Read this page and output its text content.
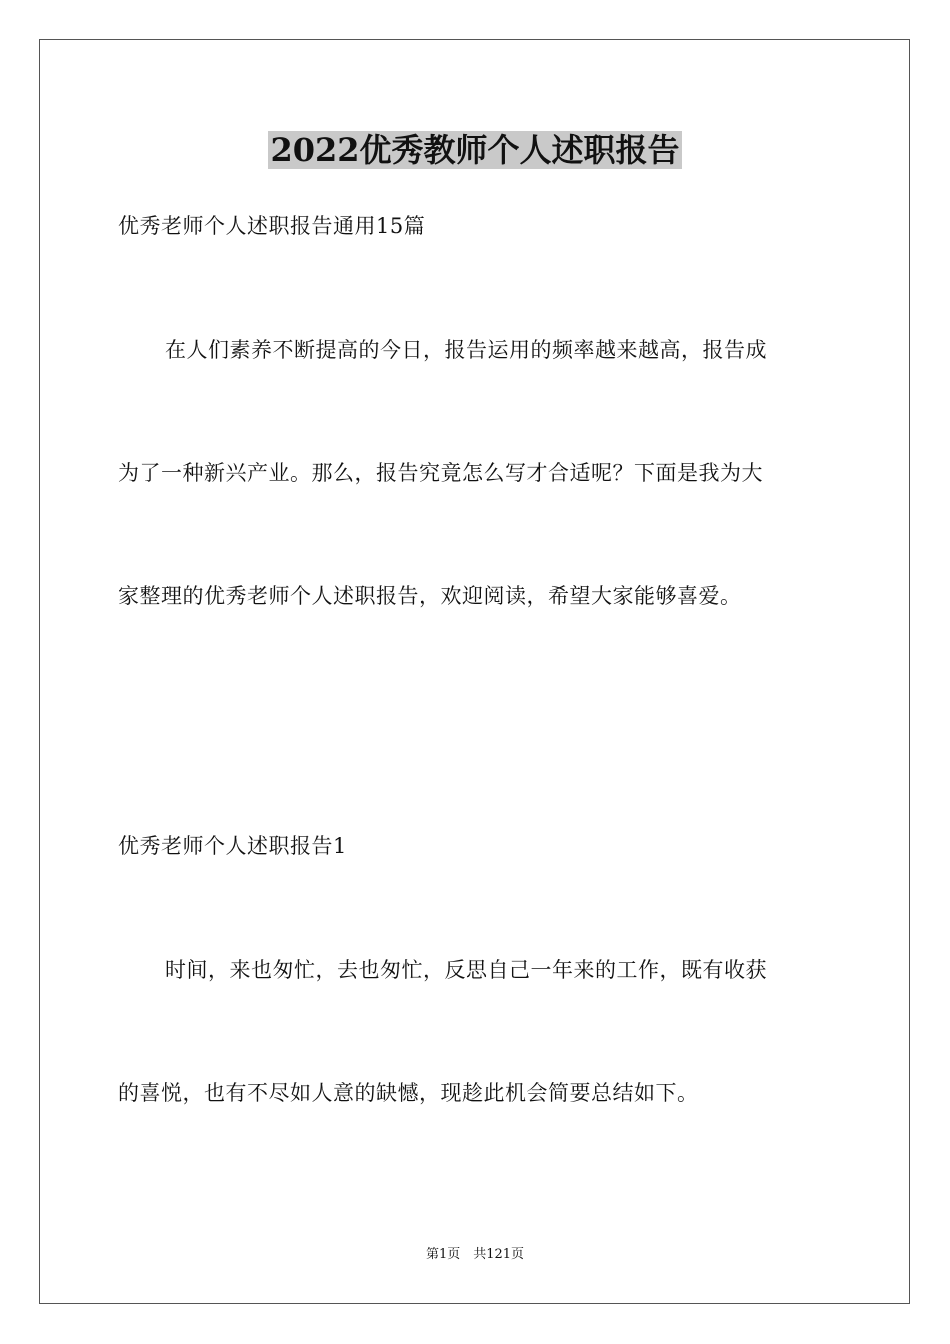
2022优秀教师个人述职报告
优秀老师个人述职报告通用15篇
在人们素养不断提高的今日，报告运用的频率越来越高，报告成
为了一种新兴产业。那么，报告究竟怎么写才合适呢？下面是我为大
家整理的优秀老师个人述职报告，欢迎阅读，希望大家能够喜爱。
优秀老师个人述职报告1
时间，来也匆忙，去也匆忙，反思自己一年来的工作，既有收获
的喜悦，也有不尽如人意的缺憾，现趁此机会简要总结如下。
第1页　共121页
